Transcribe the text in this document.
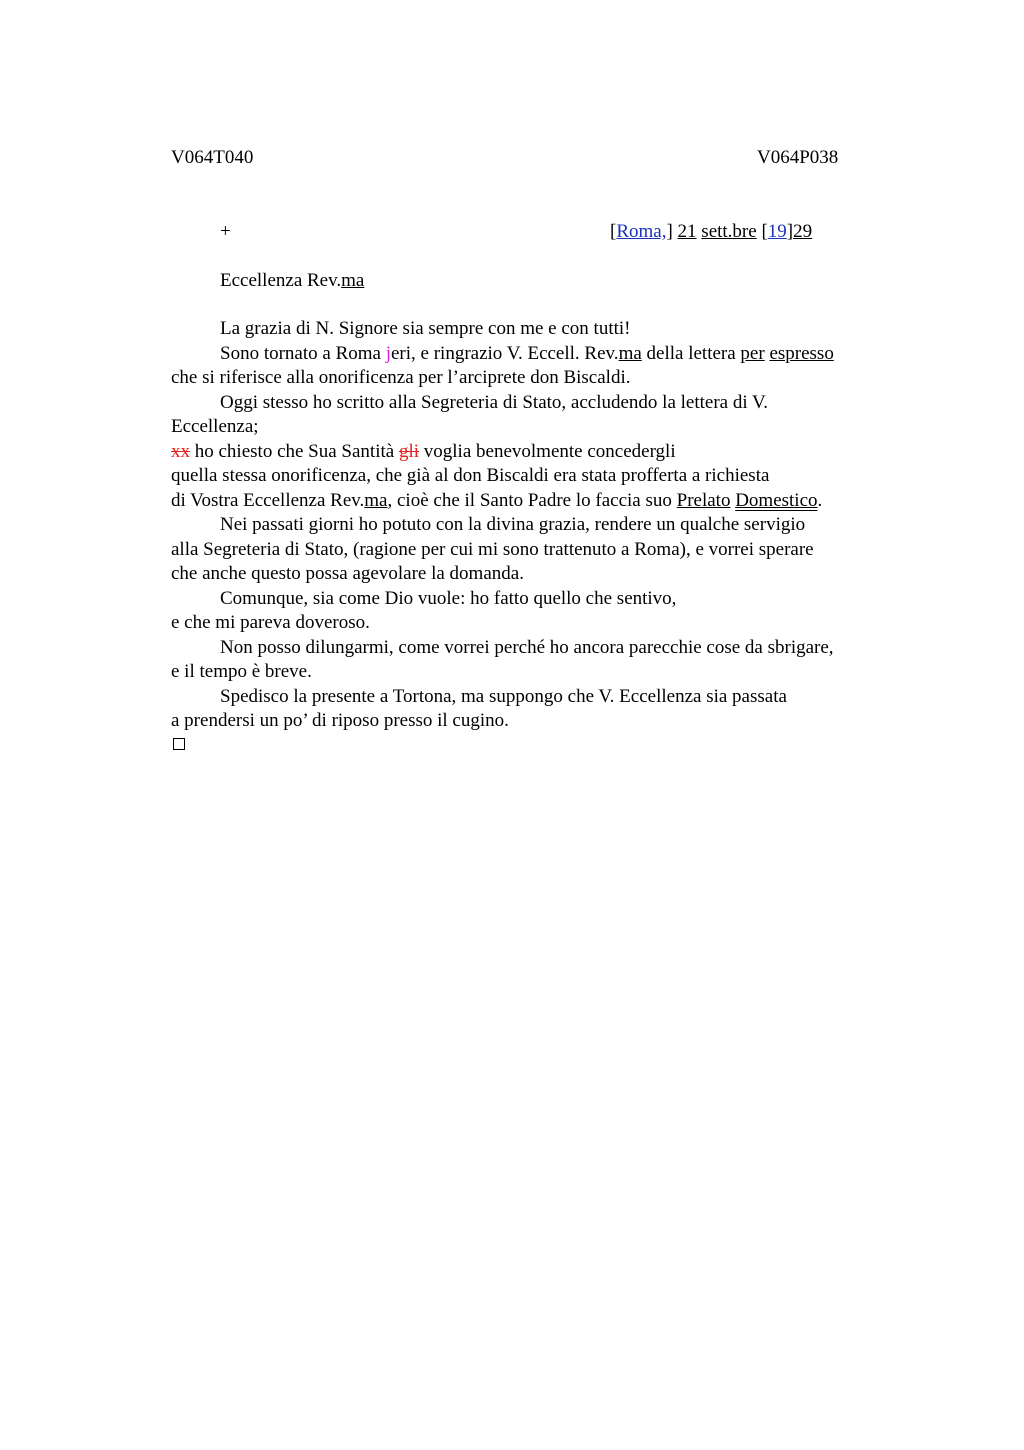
V064T040	V064P038
+	[Roma,] 21 sett.bre [19]29
Eccellenza Rev.ma
La grazia di N. Signore sia sempre con me e con tutti!
Sono tornato a Roma jeri, e ringrazio V. Eccell. Rev.ma della lettera per espresso
che si riferisce alla onorificenza per l’arciprete don Biscaldi.
Oggi stesso ho scritto alla Segreteria di Stato, accludendo la lettera di V.
Eccellenza;
xx ho chiesto che Sua Santità gli voglia benevolmente concedergli
quella stessa onorificenza, che già al don Biscaldi era stata profferta a richiesta
di Vostra Eccellenza Rev.ma, cioè che il Santo Padre lo faccia suo Prelato Domestico.
Nei passati giorni ho potuto con la divina grazia, rendere un qualche servigio
alla Segreteria di Stato, (ragione per cui mi sono trattenuto a Roma), e vorrei sperare
che anche questo possa agevolare la domanda.
Comunque, sia come Dio vuole: ho fatto quello che sentivo,
e che mi pareva doveroso.
Non posso dilungarmi, come vorrei perché ho ancora parecchie cose da sbrigare,
e il tempo è breve.
Spedisco la presente a Tortona, ma suppongo che V. Eccellenza sia passata
a prendersi un po’ di riposo presso il cugino.
